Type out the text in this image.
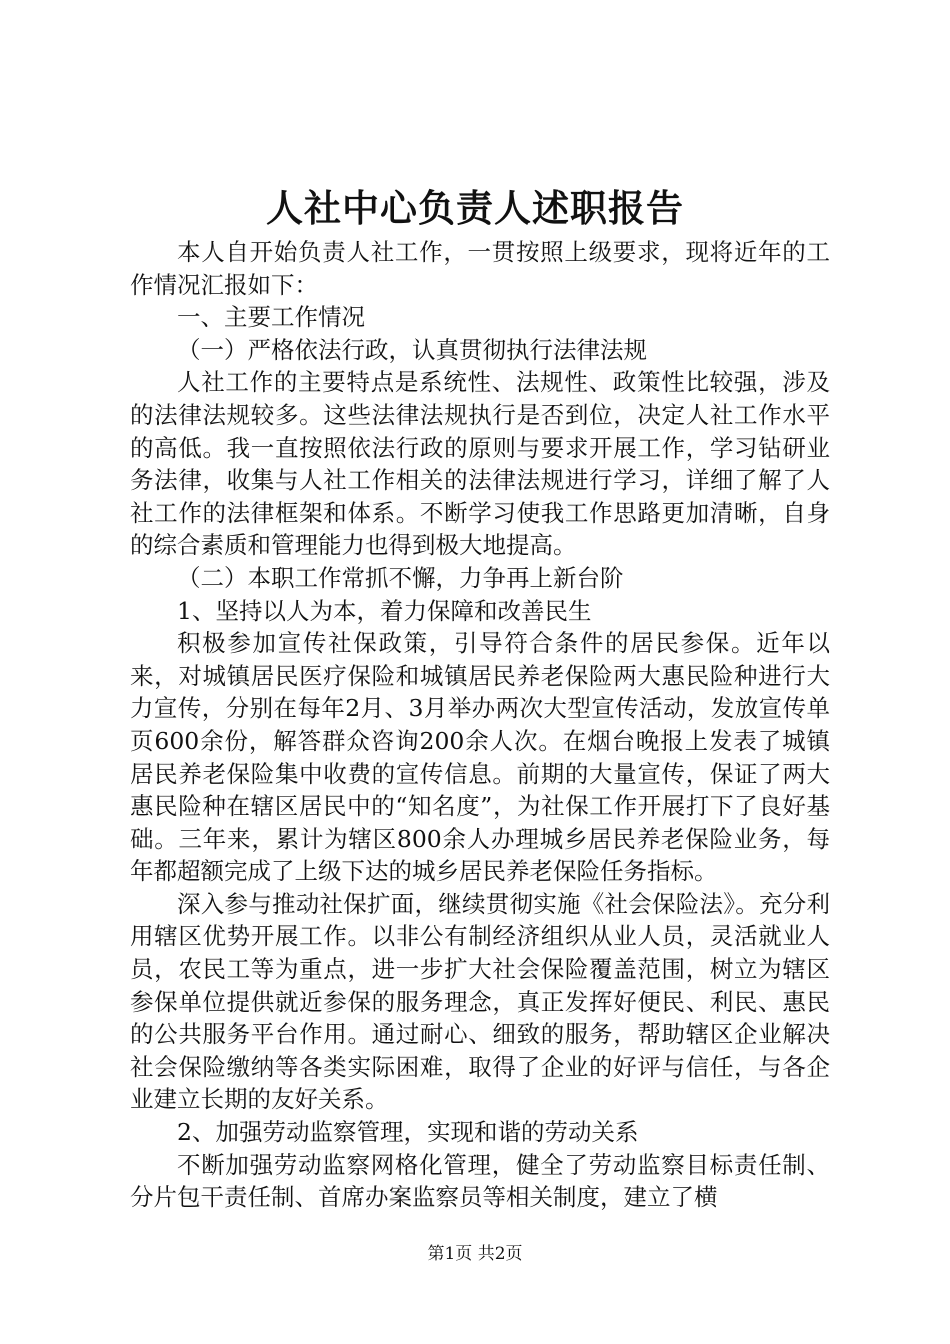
人社中心负责人述职报告

本人自开始负责人社工作，一贯按照上级要求，现将近年的工作情况汇报如下：

一、主要工作情况

（一）严格依法行政，认真贯彻执行法律法规

人社工作的主要特点是系统性、法规性、政策性比较强，涉及的法律法规较多。这些法律法规执行是否到位，决定人社工作水平的高低。我一直按照依法行政的原则与要求开展工作，学习钻研业务法律，收集与人社工作相关的法律法规进行学习，详细了解了人社工作的法律框架和体系。不断学习使我工作思路更加清晰，自身的综合素质和管理能力也得到极大地提高。

（二）本职工作常抓不懈，力争再上新台阶

1、坚持以人为本，着力保障和改善民生

积极参加宣传社保政策，引导符合条件的居民参保。近年以来，对城镇居民医疗保险和城镇居民养老保险两大惠民险种进行大力宣传，分别在每年2月、3月举办两次大型宣传活动，发放宣传单页600余份，解答群众咨询200余人次。在烟台晚报上发表了城镇居民养老保险集中收费的宣传信息。前期的大量宣传，保证了两大惠民险种在辖区居民中的“知名度”，为社保工作开展打下了良好基础。三年来，累计为辖区800余人办理城乡居民养老保险业务，每年都超额完成了上级下达的城乡居民养老保险任务指标。

深入参与推动社保扩面，继续贯彻实施《社会保险法》。充分利用辖区优势开展工作。以非公有制经济组织从业人员，灵活就业人员，农民工等为重点，进一步扩大社会保险覆盖范围，树立为辖区参保单位提供就近参保的服务理念，真正发挥好便民、利民、惠民的公共服务平台作用。通过耐心、细致的服务，帮助辖区企业解决社会保险缴纳等各类实际困难，取得了企业的好评与信任，与各企业建立长期的友好关系。

2、加强劳动监察管理，实现和谐的劳动关系

不断加强劳动监察网格化管理，健全了劳动监察目标责任制、分片包干责任制、首席办案监察员等相关制度，建立了横

第1页 共2页
